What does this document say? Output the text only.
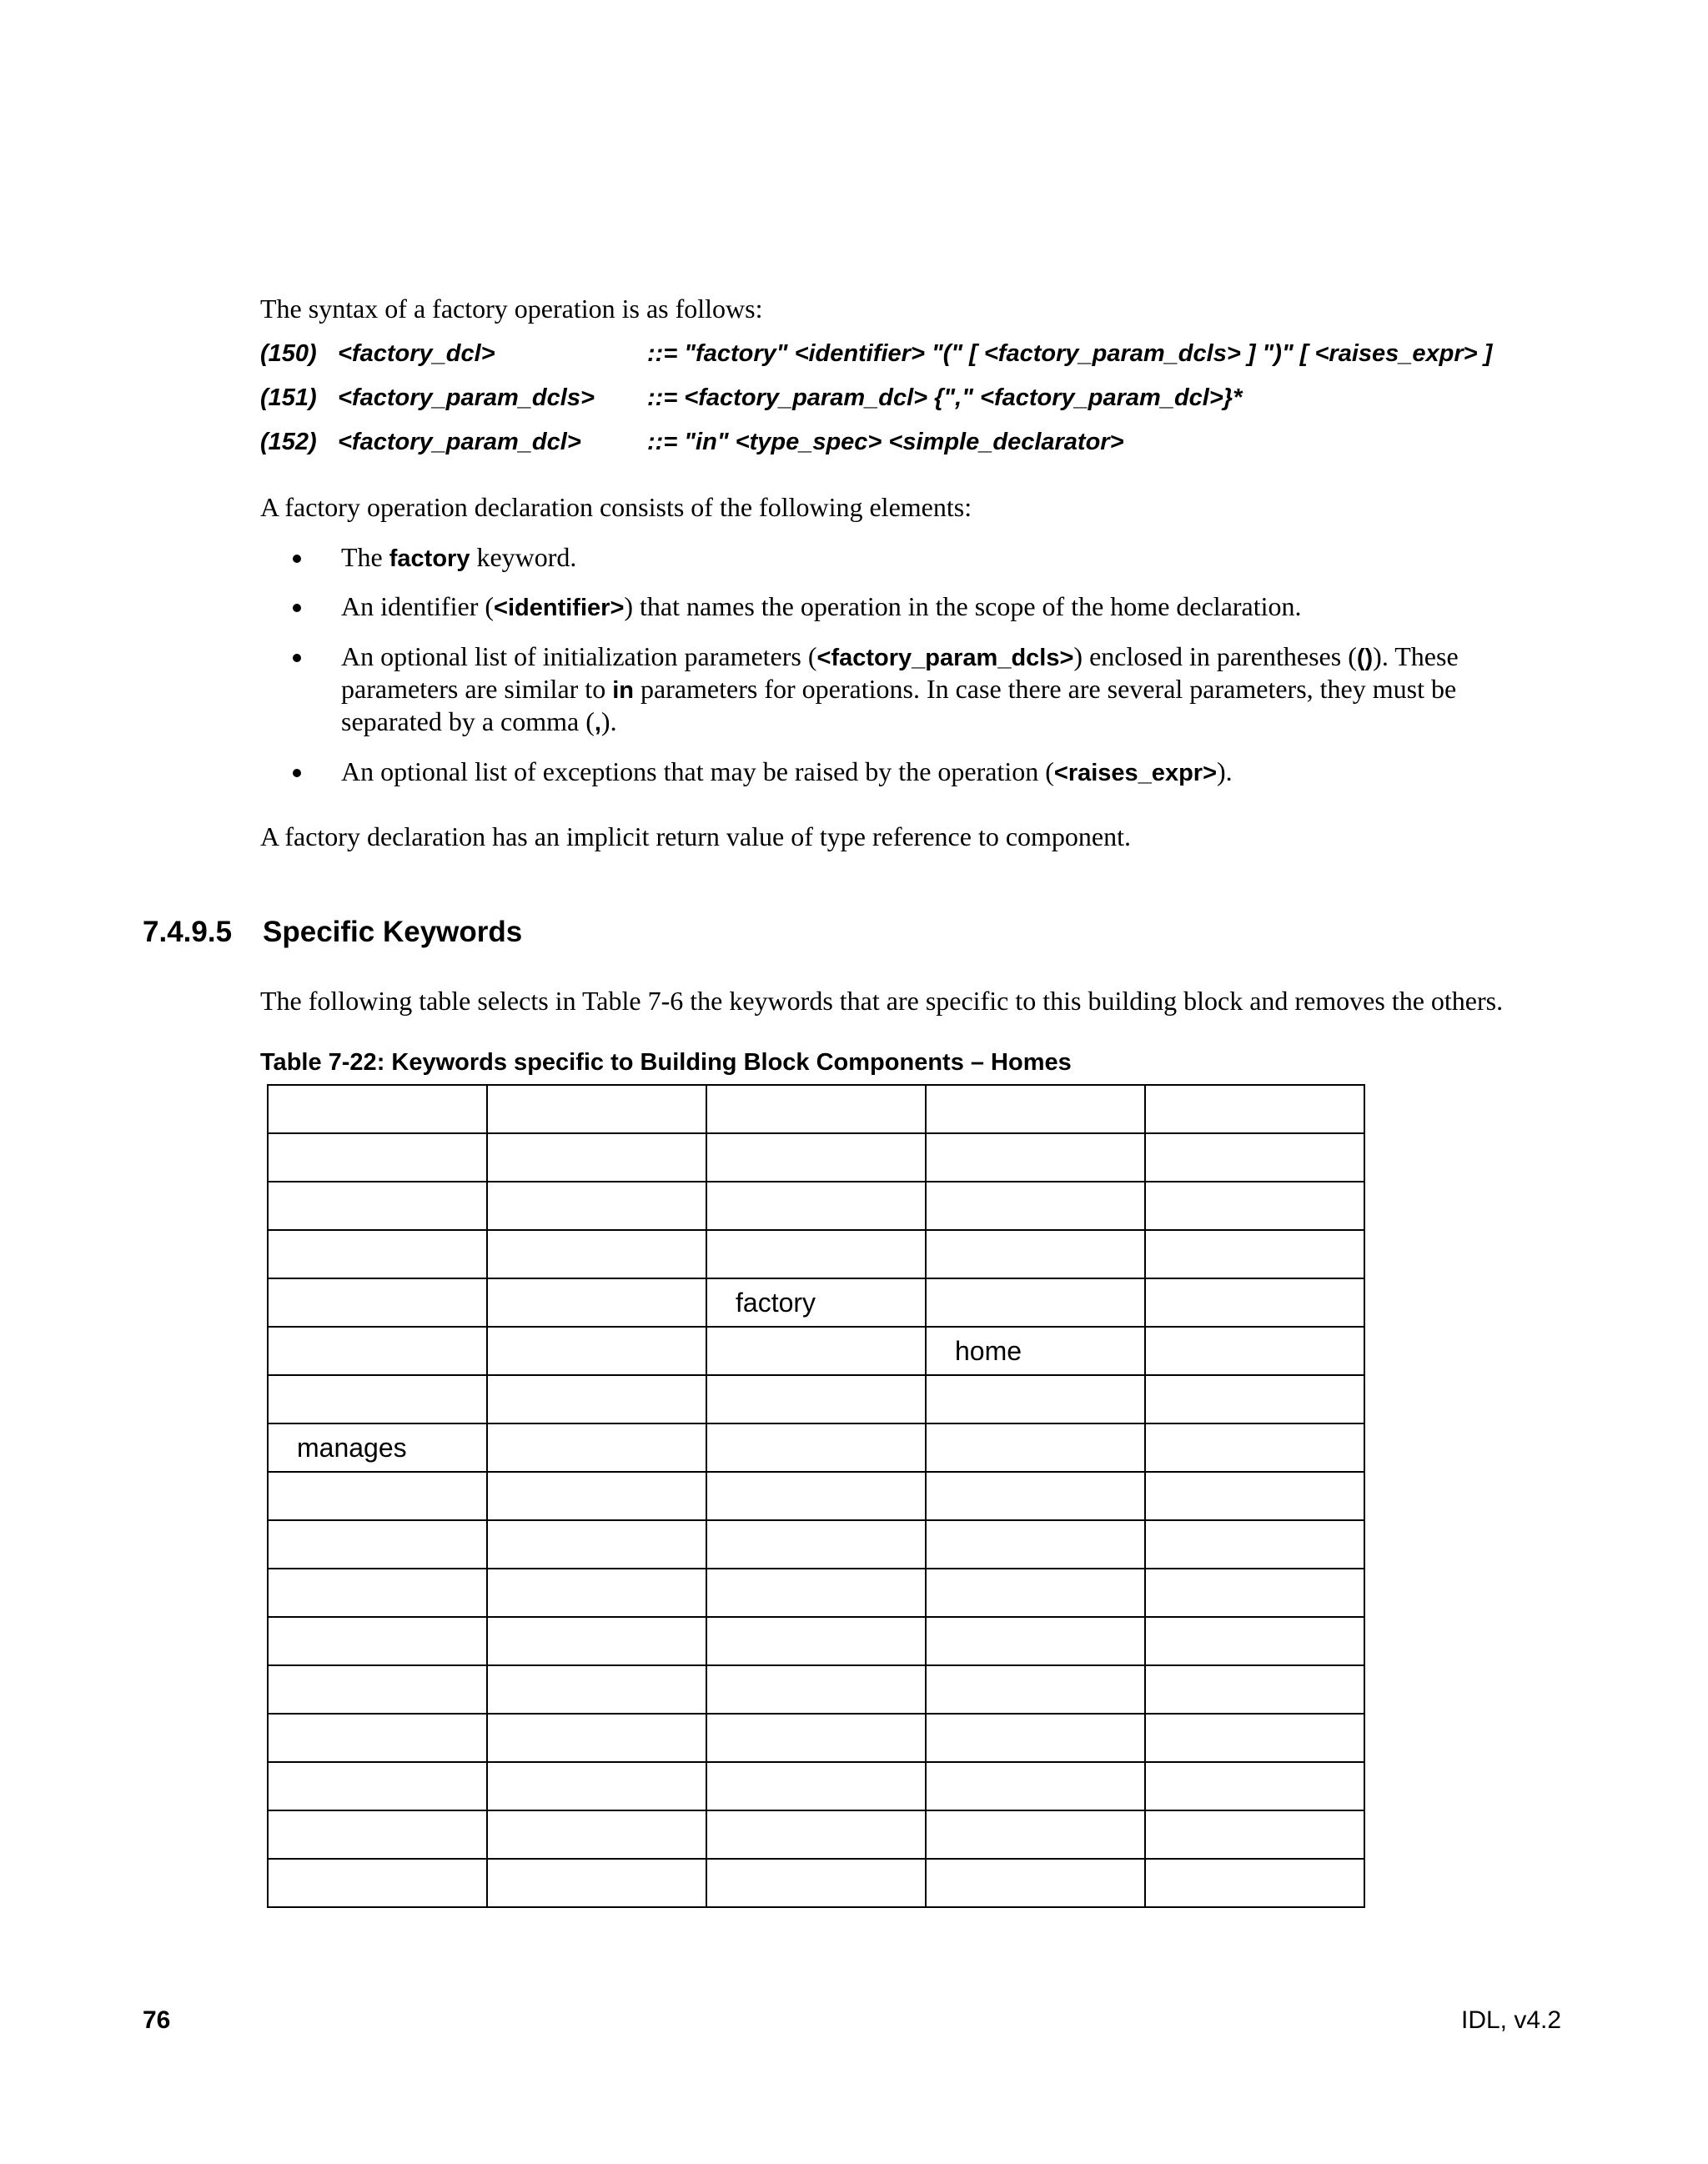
The syntax of a factory operation is as follows:
(150) <factory_dcl>	::= "factory" <identifier> "(" [ <factory_param_dcls> ] ")" [ <raises_expr> ]
(151) <factory_param_dcls> ::= <factory_param_dcl> {"," <factory_param_dcl>}*
(152) <factory_param_dcl>	::= "in" <type_spec> <simple_declarator>
A factory operation declaration consists of the following elements:
The factory keyword.
An identifier (<identifier>) that names the operation in the scope of the home declaration.
An optional list of initialization parameters (<factory_param_dcls>) enclosed in parentheses (()). These
parameters are similar to in parameters for operations. In case there are several parameters, they must be
separated by a comma (,).
An optional list of exceptions that may be raised by the operation (<raises_expr>).
A factory declaration has an implicit return value of type reference to component.
7.4.9.5 Specific Keywords
The following table selects in Table 7-6 the keywords that are specific to this building block and removes the others.
Table 7-22: Keywords specific to Building Block Components – Homes

		factory		
			home	

manages				

76	IDL, v4.2
